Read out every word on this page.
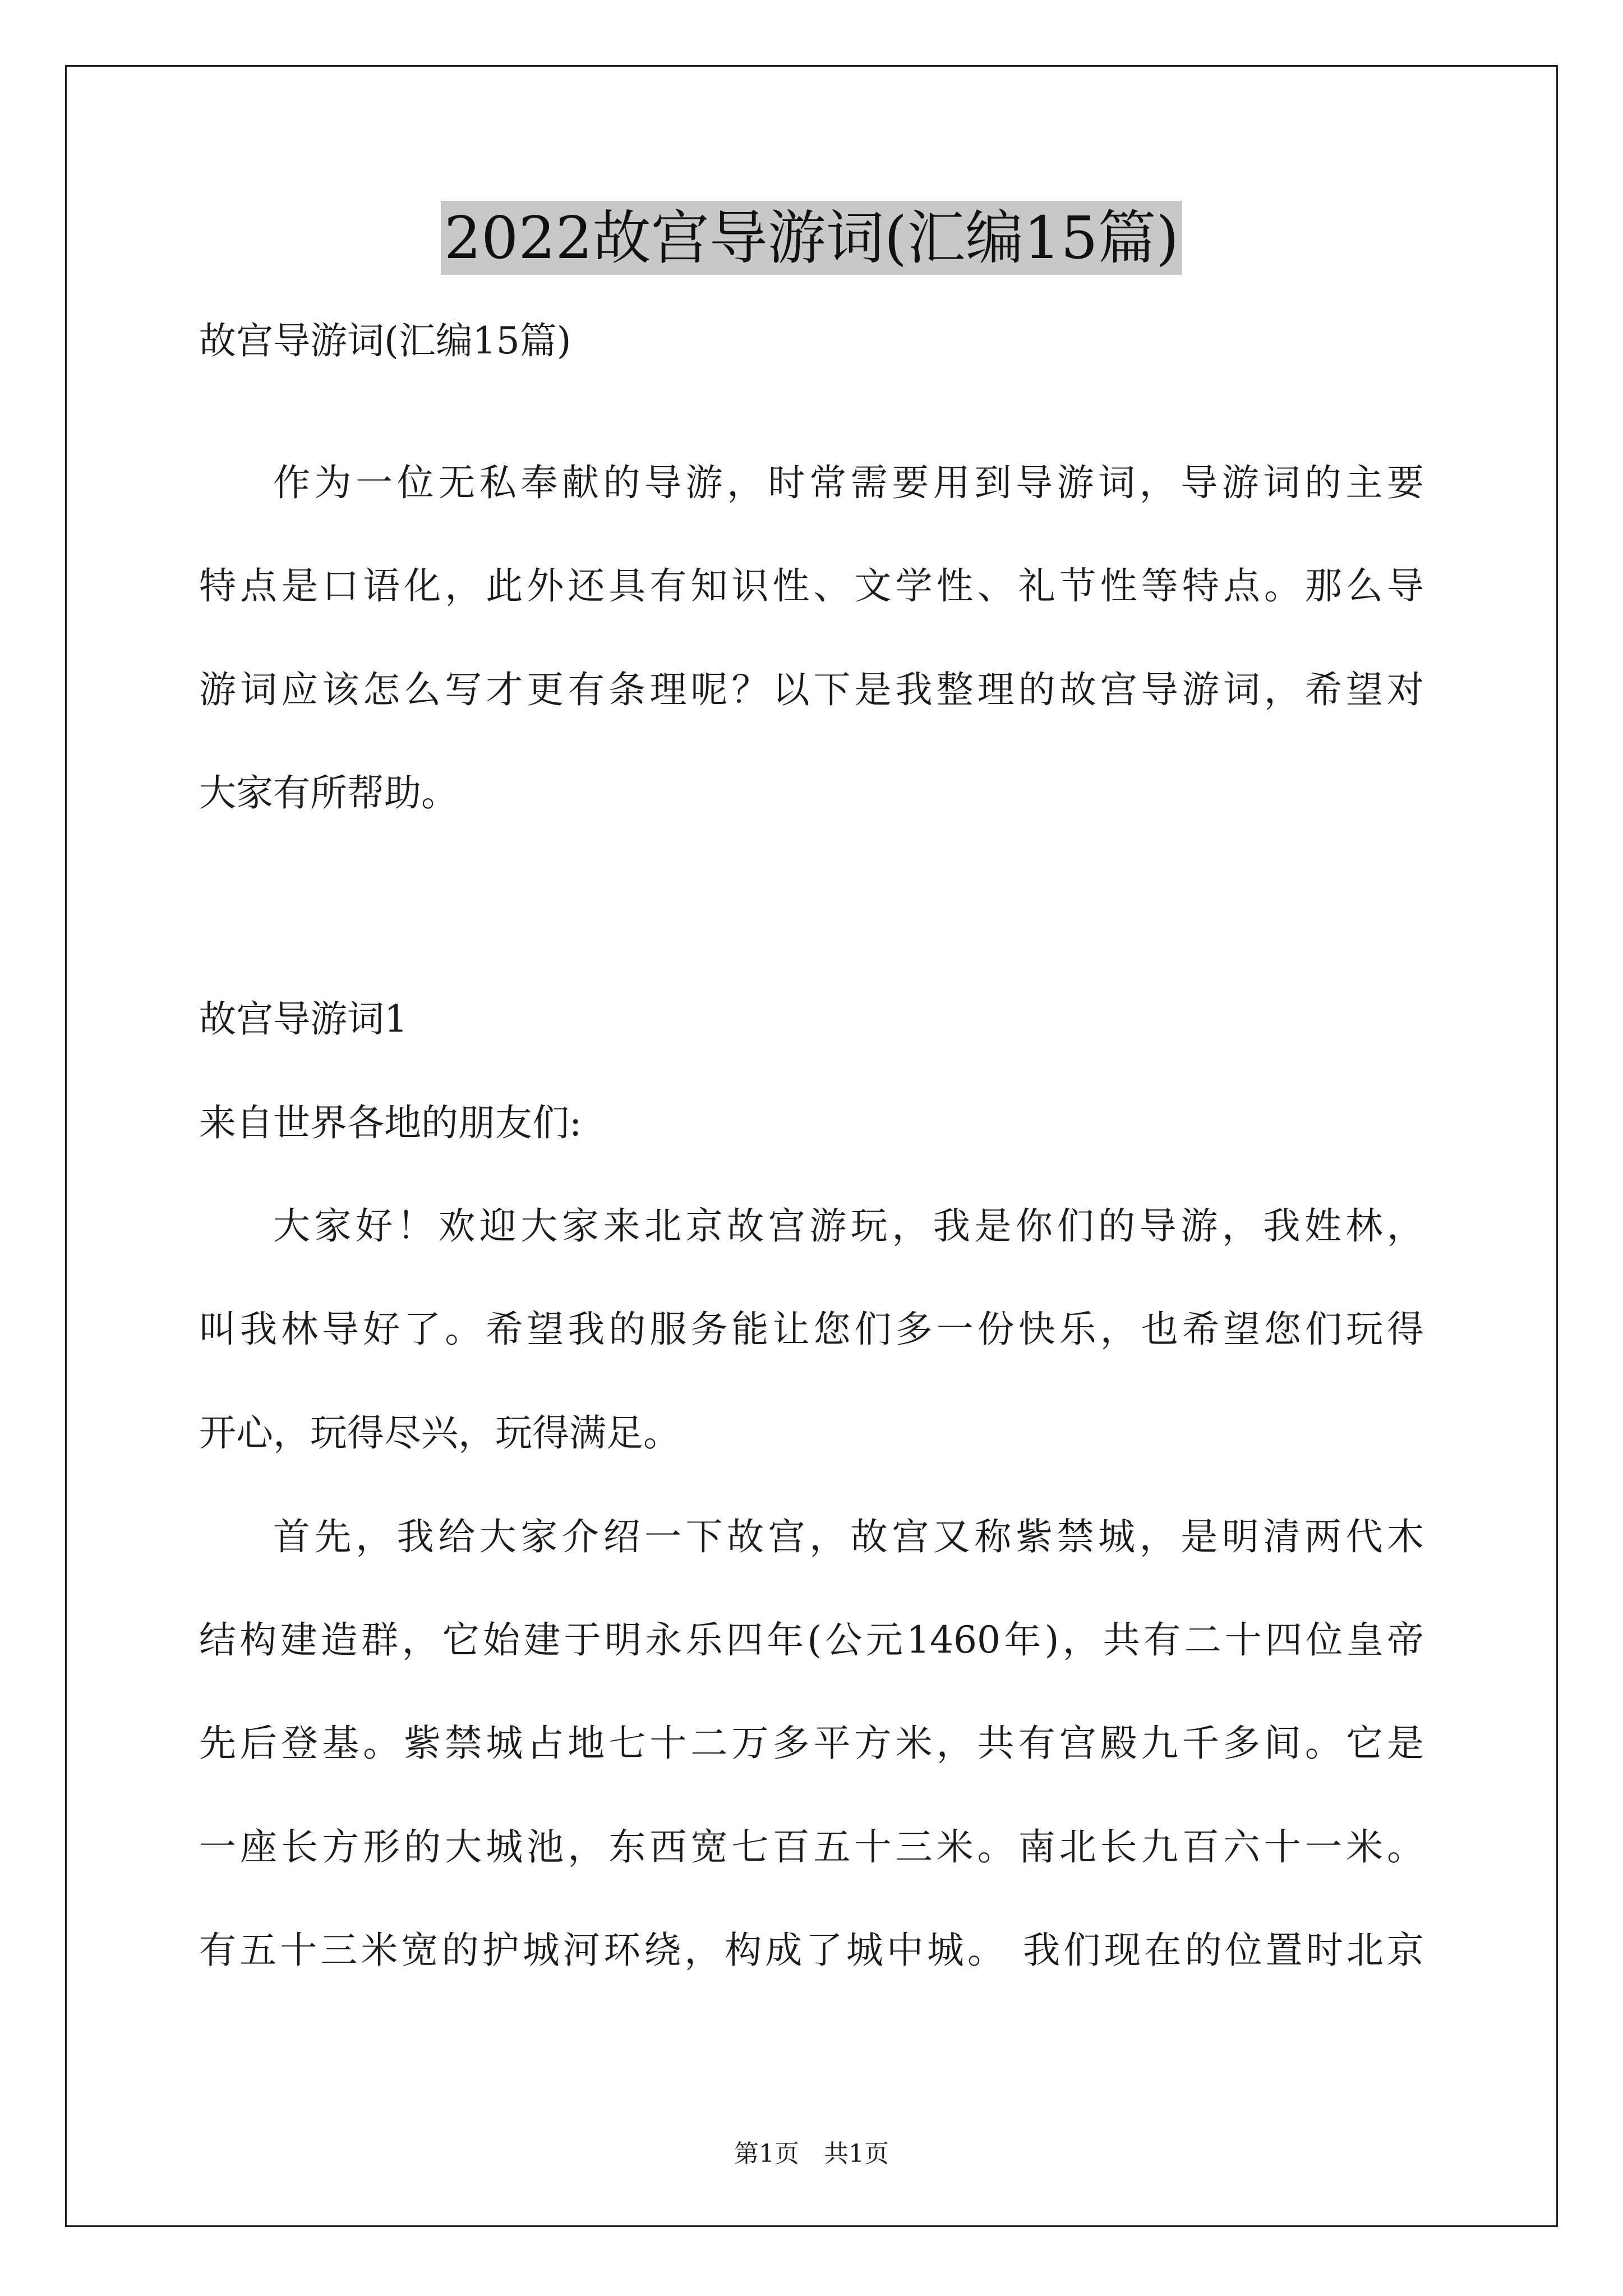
2022故宫导游词(汇编15篇)
故宫导游词(汇编15篇)
作为一位无私奉献的导游，时常需要用到导游词，导游词的主要
特点是口语化，此外还具有知识性、文学性、礼节性等特点。那么导
游词应该怎么写才更有条理呢？以下是我整理的故宫导游词，希望对
大家有所帮助。
故宫导游词1
来自世界各地的朋友们:
大家好！欢迎大家来北京故宫游玩，我是你们的导游，我姓林，
叫我林导好了。希望我的服务能让您们多一份快乐，也希望您们玩得
开心，玩得尽兴，玩得满足。
首先，我给大家介绍一下故宫，故宫又称紫禁城，是明清两代木
结构建造群，它始建于明永乐四年(公元1460年)，共有二十四位皇帝
先后登基。紫禁城占地七十二万多平方米，共有宫殿九千多间。它是
一座长方形的大城池，东西宽七百五十三米。南北长九百六十一米。
有五十三米宽的护城河环绕，构成了城中城。 我们现在的位置时北京
第1页　共1页
